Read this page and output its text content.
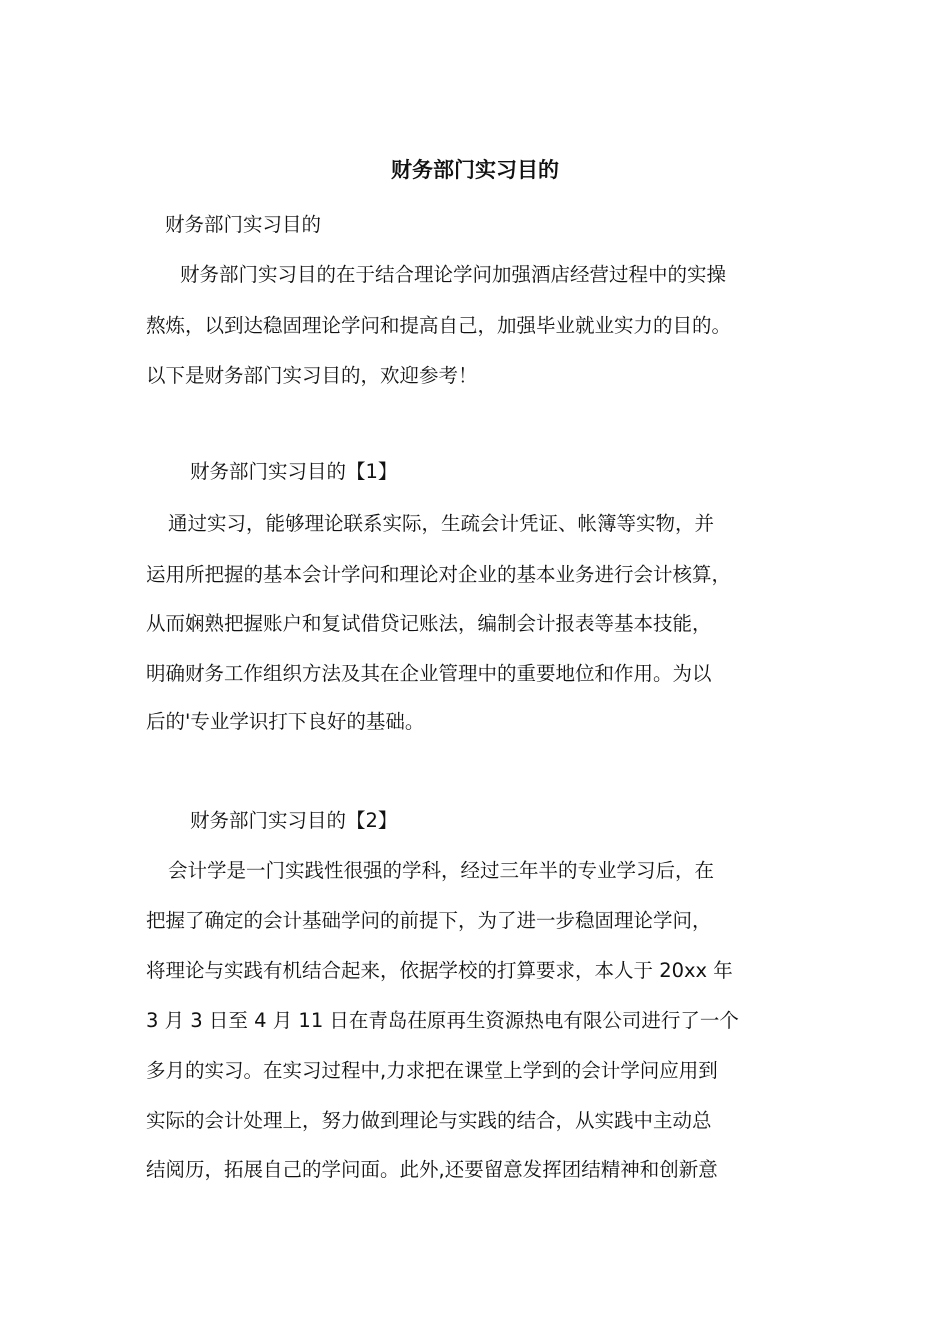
财务部门实习目的
财务部门实习目的
财务部门实习目的在于结合理论学问加强酒店经营过程中的实操
熬炼，以到达稳固理论学问和提高自己，加强毕业就业实力的目的。
以下是财务部门实习目的，欢迎参考！
财务部门实习目的【1】
通过实习，能够理论联系实际，生疏会计凭证、帐簿等实物，并
运用所把握的基本会计学问和理论对企业的基本业务进行会计核算，
从而娴熟把握账户和复试借贷记账法，编制会计报表等基本技能，
明确财务工作组织方法及其在企业管理中的重要地位和作用。为以
后的'专业学识打下良好的基础。
财务部门实习目的【2】
会计学是一门实践性很强的学科，经过三年半的专业学习后，在
把握了确定的会计基础学问的前提下，为了进一步稳固理论学问，
将理论与实践有机结合起来，依据学校的打算要求，本人于 20xx 年
3 月 3 日至 4 月 11 日在青岛茌原再生资源热电有限公司进行了一个
多月的实习。在实习过程中,力求把在课堂上学到的会计学问应用到
实际的会计处理上，努力做到理论与实践的结合，从实践中主动总
结阅历，拓展自己的学问面。此外,还要留意发挥团结精神和创新意
